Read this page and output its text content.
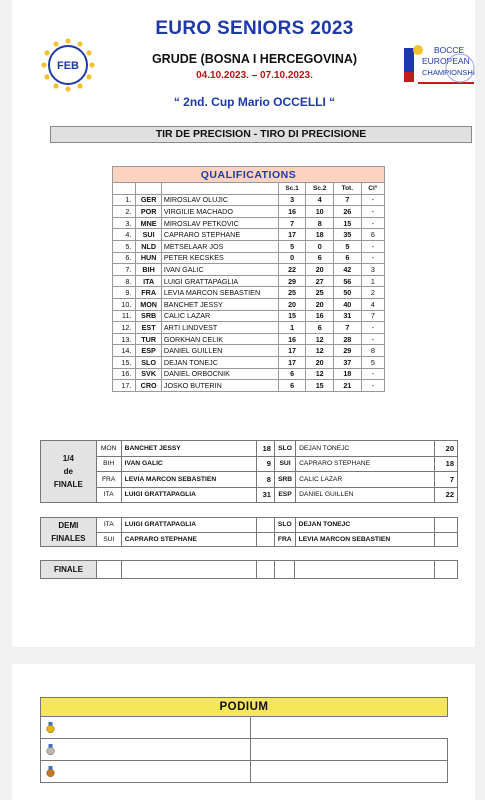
FEB
EURO SENIORS 2023
GRUDE (BOSNA I HERCEGOVINA)
04.10.2023. – 07.10.2023.
“ 2nd. Cup Mario OCCELLI “
BOCCE
EUROPEAN
CHAMPIONSHI
TIR DE PRECISION - TIRO DI PRECISIONE

QUALIFICATIONS						
			Sc.1	Sc.2	Tot.	Cl°
1.	GER	MIROSLAV OLUJIC	3	4	7	-
2.	POR	VIRGILIE MACHADO	16	10	26	-
3.	MNE	MIROSLAV PETKOVIC	7	8	15	-
4.	SUI	CAPRARO STEPHANE	17	18	35	6
5.	NLD	METSELAAR JOS	5	0	5	-
6.	HUN	PETER KECSKES	0	6	6	-
7.	BIH	IVAN GALIC	22	20	42	3
8.	ITA	LUIGI GRATTAPAGLIA	29	27	56	1
9.	FRA	LEVIA MARCON SEBASTIEN	25	25	50	2
10.	MON	BANCHET JESSY	20	20	40	4
11.	SRB	CALIC LAZAR	15	16	31	7
12.	EST	ARTI LINDVEST	1	6	7	-
13.	TUR	GORKHAN CELIK	16	12	28	-
14.	ESP	DANIEL GUILLEN	17	12	29	8
15.	SLO	DEJAN TONEJC	17	20	37	5
16.	SVK	DANIEL ORBOCNIK	6	12	18	-
17.	CRO	JOSKO BUTERIN	6	15	21	-
1/4
de
FINALE	MON	BANCHET JESSY	18	SLO	DEJAN TONEJC	20
	BIH	IVAN GALIC	9	SUI	CAPRARO STEPHANE	18
	FRA	LEVIA MARCON SEBASTIEN	8	SRB	CALIC LAZAR	7
	ITA	LUIGI GRATTAPAGLIA	31	ESP	DANIEL GUILLEN	22
DEMI
FINALES	ITA	LUIGI GRATTAPAGLIA		SLO	DEJAN TONEJC	
	SUI	CAPRARO STEPHANE		FRA	LEVIA MARCON SEBASTIEN	
FINALE						
PODIUM	
